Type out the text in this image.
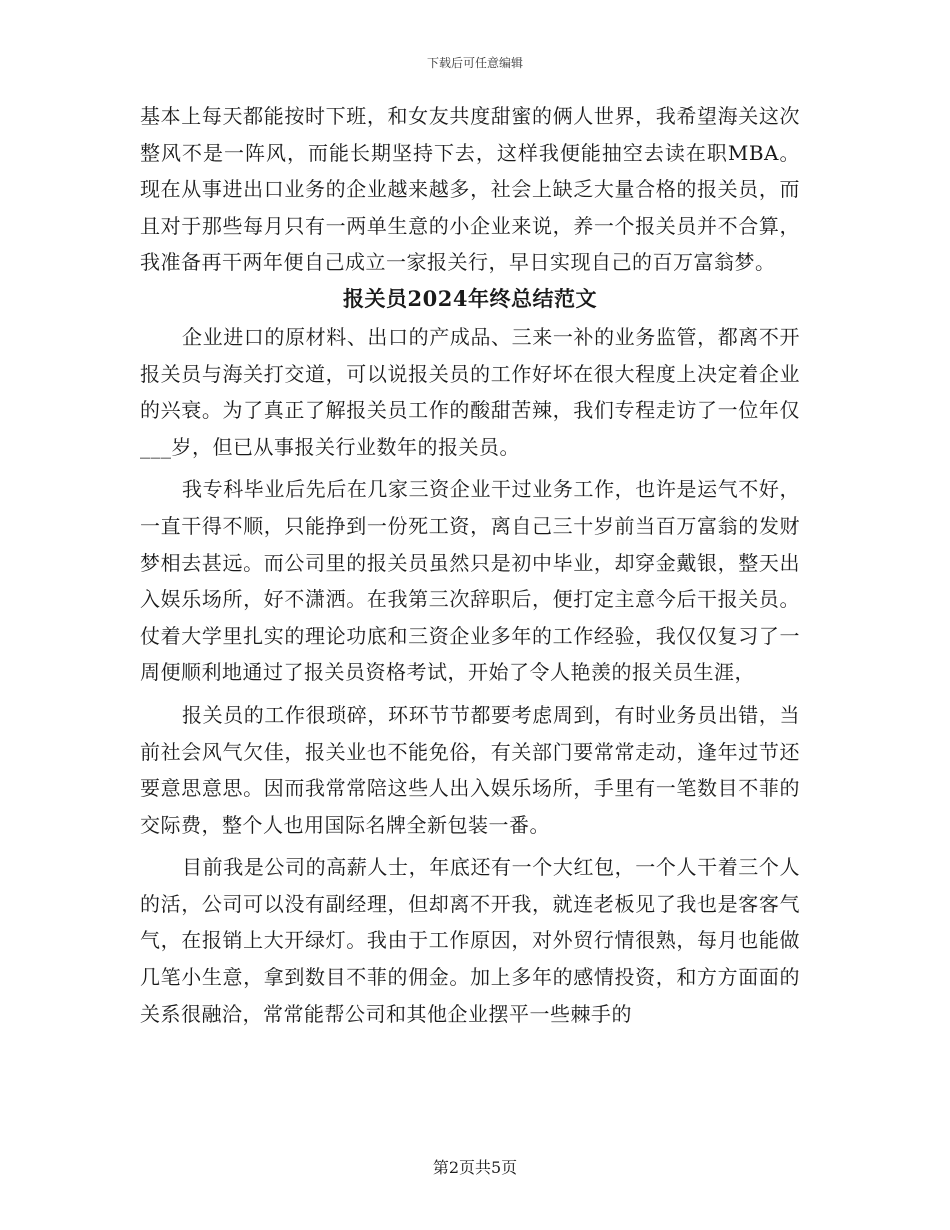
下载后可任意编辑

基本上每天都能按时下班，和女友共度甜蜜的俩人世界，我希望海关这次整风不是一阵风，而能长期坚持下去，这样我便能抽空去读在职MBA。现在从事进出口业务的企业越来越多，社会上缺乏大量合格的报关员，而且对于那些每月只有一两单生意的小企业来说，养一个报关员并不合算，我准备再干两年便自己成立一家报关行，早日实现自己的百万富翁梦。

报关员2024年终总结范文

企业进口的原材料、出口的产成品、三来一补的业务监管，都离不开报关员与海关打交道，可以说报关员的工作好坏在很大程度上决定着企业的兴衰。为了真正了解报关员工作的酸甜苦辣，我们专程走访了一位年仅___岁，但已从事报关行业数年的报关员。

我专科毕业后先后在几家三资企业干过业务工作，也许是运气不好，一直干得不顺，只能挣到一份死工资，离自己三十岁前当百万富翁的发财梦相去甚远。而公司里的报关员虽然只是初中毕业，却穿金戴银，整天出入娱乐场所，好不潇洒。在我第三次辞职后，便打定主意今后干报关员。仗着大学里扎实的理论功底和三资企业多年的工作经验，我仅仅复习了一周便顺利地通过了报关员资格考试，开始了令人艳羡的报关员生涯，

报关员的工作很琐碎，环环节节都要考虑周到，有时业务员出错，当前社会风气欠佳，报关业也不能免俗，有关部门要常常走动，逢年过节还要意思意思。因而我常常陪这些人出入娱乐场所，手里有一笔数目不菲的交际费，整个人也用国际名牌全新包装一番。

目前我是公司的高薪人士，年底还有一个大红包，一个人干着三个人的活，公司可以没有副经理，但却离不开我，就连老板见了我也是客客气气，在报销上大开绿灯。我由于工作原因，对外贸行情很熟，每月也能做几笔小生意，拿到数目不菲的佣金。加上多年的感情投资，和方方面面的关系很融洽，常常能帮公司和其他企业摆平一些棘手的

第2页共5页
